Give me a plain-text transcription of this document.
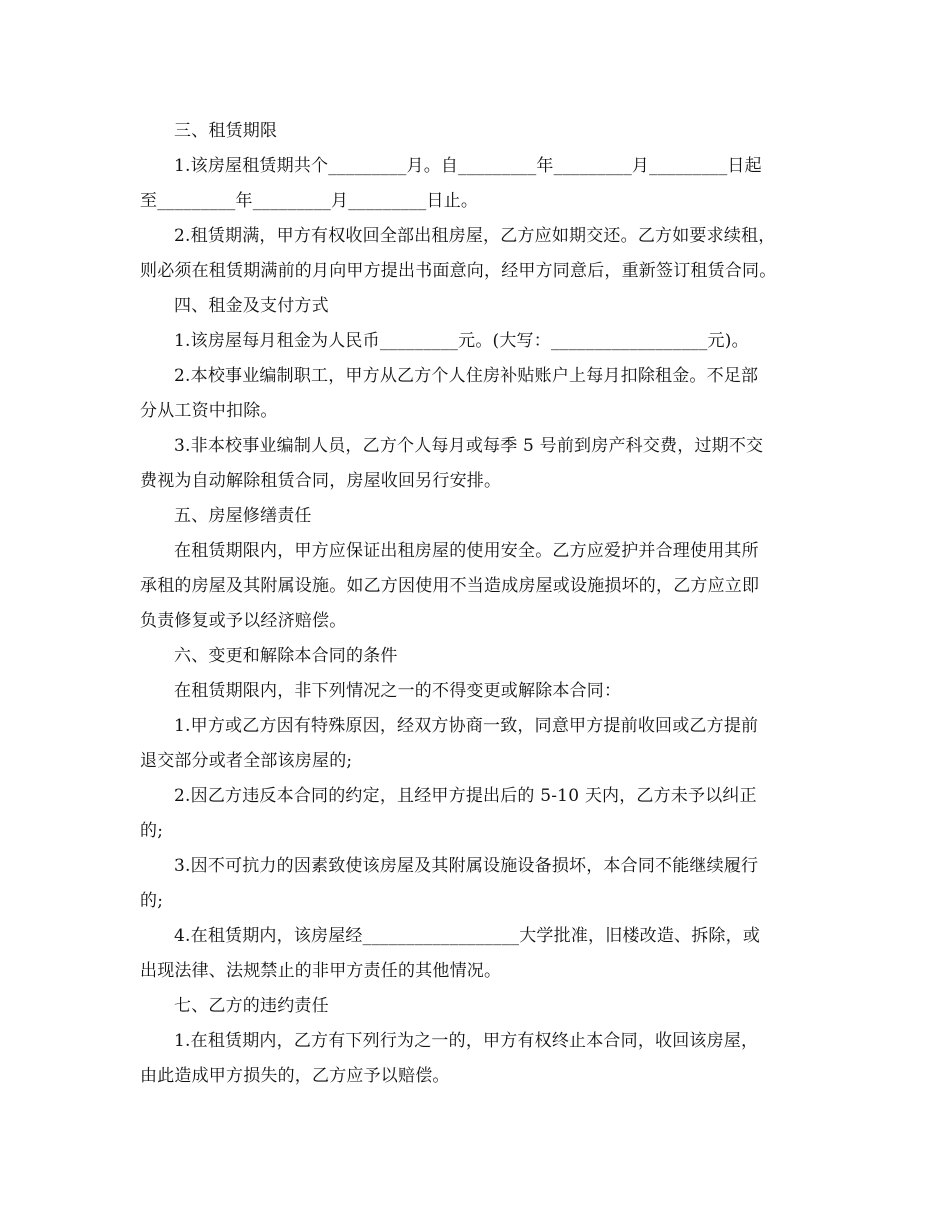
三、租赁期限
1.该房屋租赁期共个_________月。自_________年_________月_________日起
至_________年_________月_________日止。
2.租赁期满，甲方有权收回全部出租房屋，乙方应如期交还。乙方如要求续租，
则必须在租赁期满前的月向甲方提出书面意向，经甲方同意后，重新签订租赁合同。
四、租金及支付方式
1.该房屋每月租金为人民币_________元。(大写：__________________元)。
2.本校事业编制职工，甲方从乙方个人住房补贴账户上每月扣除租金。不足部
分从工资中扣除。
3.非本校事业编制人员，乙方个人每月或每季 5 号前到房产科交费，过期不交
费视为自动解除租赁合同，房屋收回另行安排。
五、房屋修缮责任
在租赁期限内，甲方应保证出租房屋的使用安全。乙方应爱护并合理使用其所
承租的房屋及其附属设施。如乙方因使用不当造成房屋或设施损坏的，乙方应立即
负责修复或予以经济赔偿。
六、变更和解除本合同的条件
在租赁期限内，非下列情况之一的不得变更或解除本合同：
1.甲方或乙方因有特殊原因，经双方协商一致，同意甲方提前收回或乙方提前
退交部分或者全部该房屋的;
2.因乙方违反本合同的约定，且经甲方提出后的 5-10 天内，乙方未予以纠正
的;
3.因不可抗力的因素致使该房屋及其附属设施设备损坏，本合同不能继续履行
的;
4.在租赁期内，该房屋经__________________大学批准，旧楼改造、拆除，或
出现法律、法规禁止的非甲方责任的其他情况。
七、乙方的违约责任
1.在租赁期内，乙方有下列行为之一的，甲方有权终止本合同，收回该房屋，
由此造成甲方损失的，乙方应予以赔偿。
